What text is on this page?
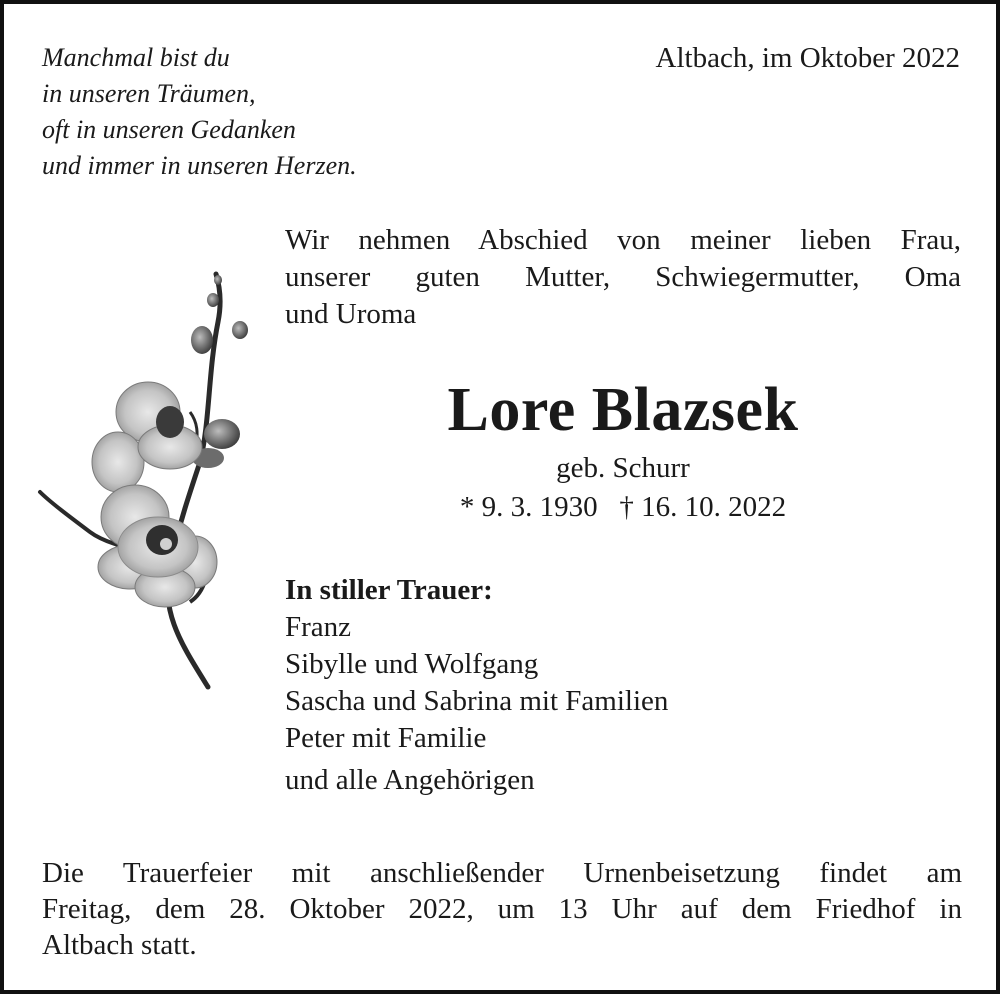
Manchmal bist du
in unseren Träumen,
oft in unseren Gedanken
und immer in unseren Herzen.
Altbach, im Oktober 2022
Wir nehmen Abschied von meiner lieben Frau,
unserer guten Mutter, Schwiegermutter, Oma
und Uroma
Lore Blazsek
geb. Schurr
* 9. 3. 1930   † 16. 10. 2022
In stiller Trauer:
Franz
Sibylle und Wolfgang
Sascha und Sabrina mit Familien
Peter mit Familie
und alle Angehörigen
Die Trauerfeier mit anschließender Urnenbeisetzung findet am
Freitag, dem 28. Oktober 2022, um 13 Uhr auf dem Friedhof in
Altbach statt.
